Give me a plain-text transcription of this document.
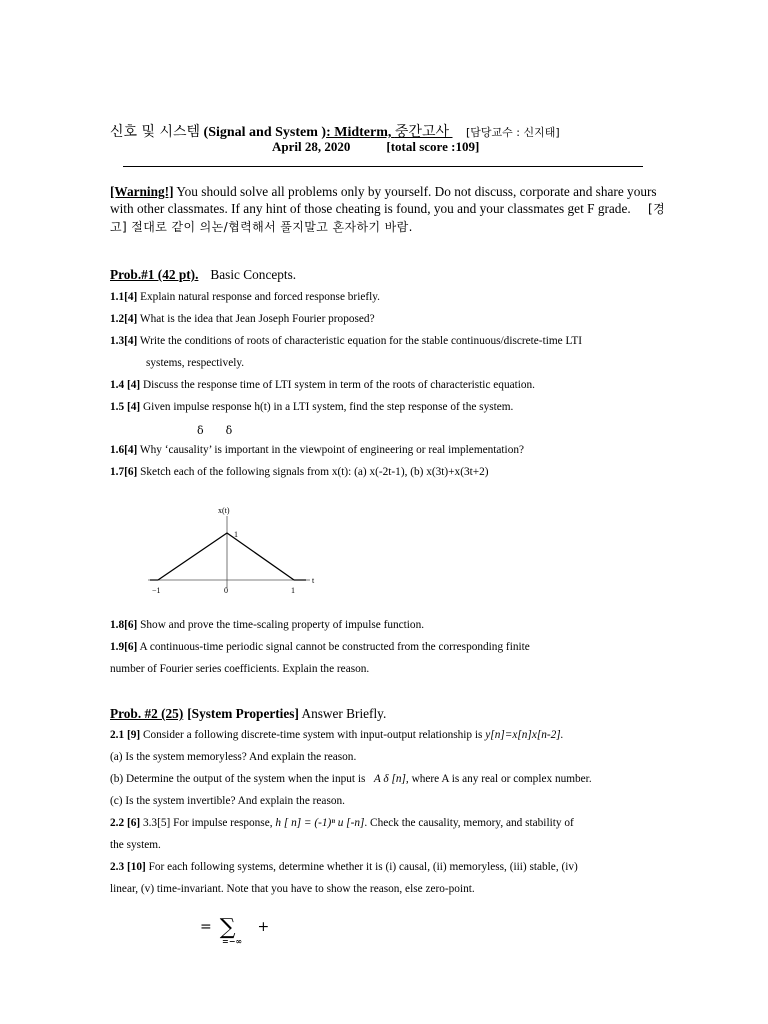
신호 및 시스템 (Signal and System ): Midterm, 중간고사 [담당교수 : 신지태]
April 28, 2020	[total score :109]
[Warning!] You should solve all problems only by yourself. Do not discuss, corporate and share yours with other classmates. If any hint of those cheating is found, you and your classmates get F grade. [경고] 절대로 같이 의논/협력해서 풀지말고 혼자하기 바람.
Prob.#1 (42 pt). Basic Concepts.
1.1[4] Explain natural response and forced response briefly.
1.2[4] What is the idea that Jean Joseph Fourier proposed?
1.3[4] Write the conditions of roots of characteristic equation for the stable continuous/discrete-time LTI
systems, respectively.
1.4 [4] Discuss the response time of LTI system in term of the roots of characteristic equation.
1.5 [4] Given impulse response h(t) in a LTI system, find the step response of the system.
δ δ
1.6[4] Why ‘causality’ is important in the viewpoint of engineering or real implementation?
1.7[6] Sketch each of the following signals from x(t): (a) x(-2t-1), (b) x(3t)+x(3t+2)
x(t)
1
t
−1	0	1
1.8[6] Show and prove the time-scaling property of impulse function.
1.9[6] A continuous-time periodic signal cannot be constructed from the corresponding finite
number of Fourier series coefficients. Explain the reason.
Prob. #2 (25) [System Properties] Answer Briefly.
2.1 [9] Consider a following discrete-time system with input-output relationship is y[n]=x[n]x[n-2].
(a) Is the system memoryless? And explain the reason.
(b) Determine the output of the system when the input is A δ [n], where A is any real or complex number.
(c) Is the system invertible? And explain the reason.
2.2 [6] 3.3[5] For impulse response, h [ n] = (-1)ⁿ u [-n]. Check the causality, memory, and stability of
the system.
2.3 [10] For each following systems, determine whether it is (i) causal, (ii) memoryless, (iii) stable, (iv)
linear, (v) time-invariant. Note that you have to show the reason, else zero-point.
= ∑ +
=−∞
